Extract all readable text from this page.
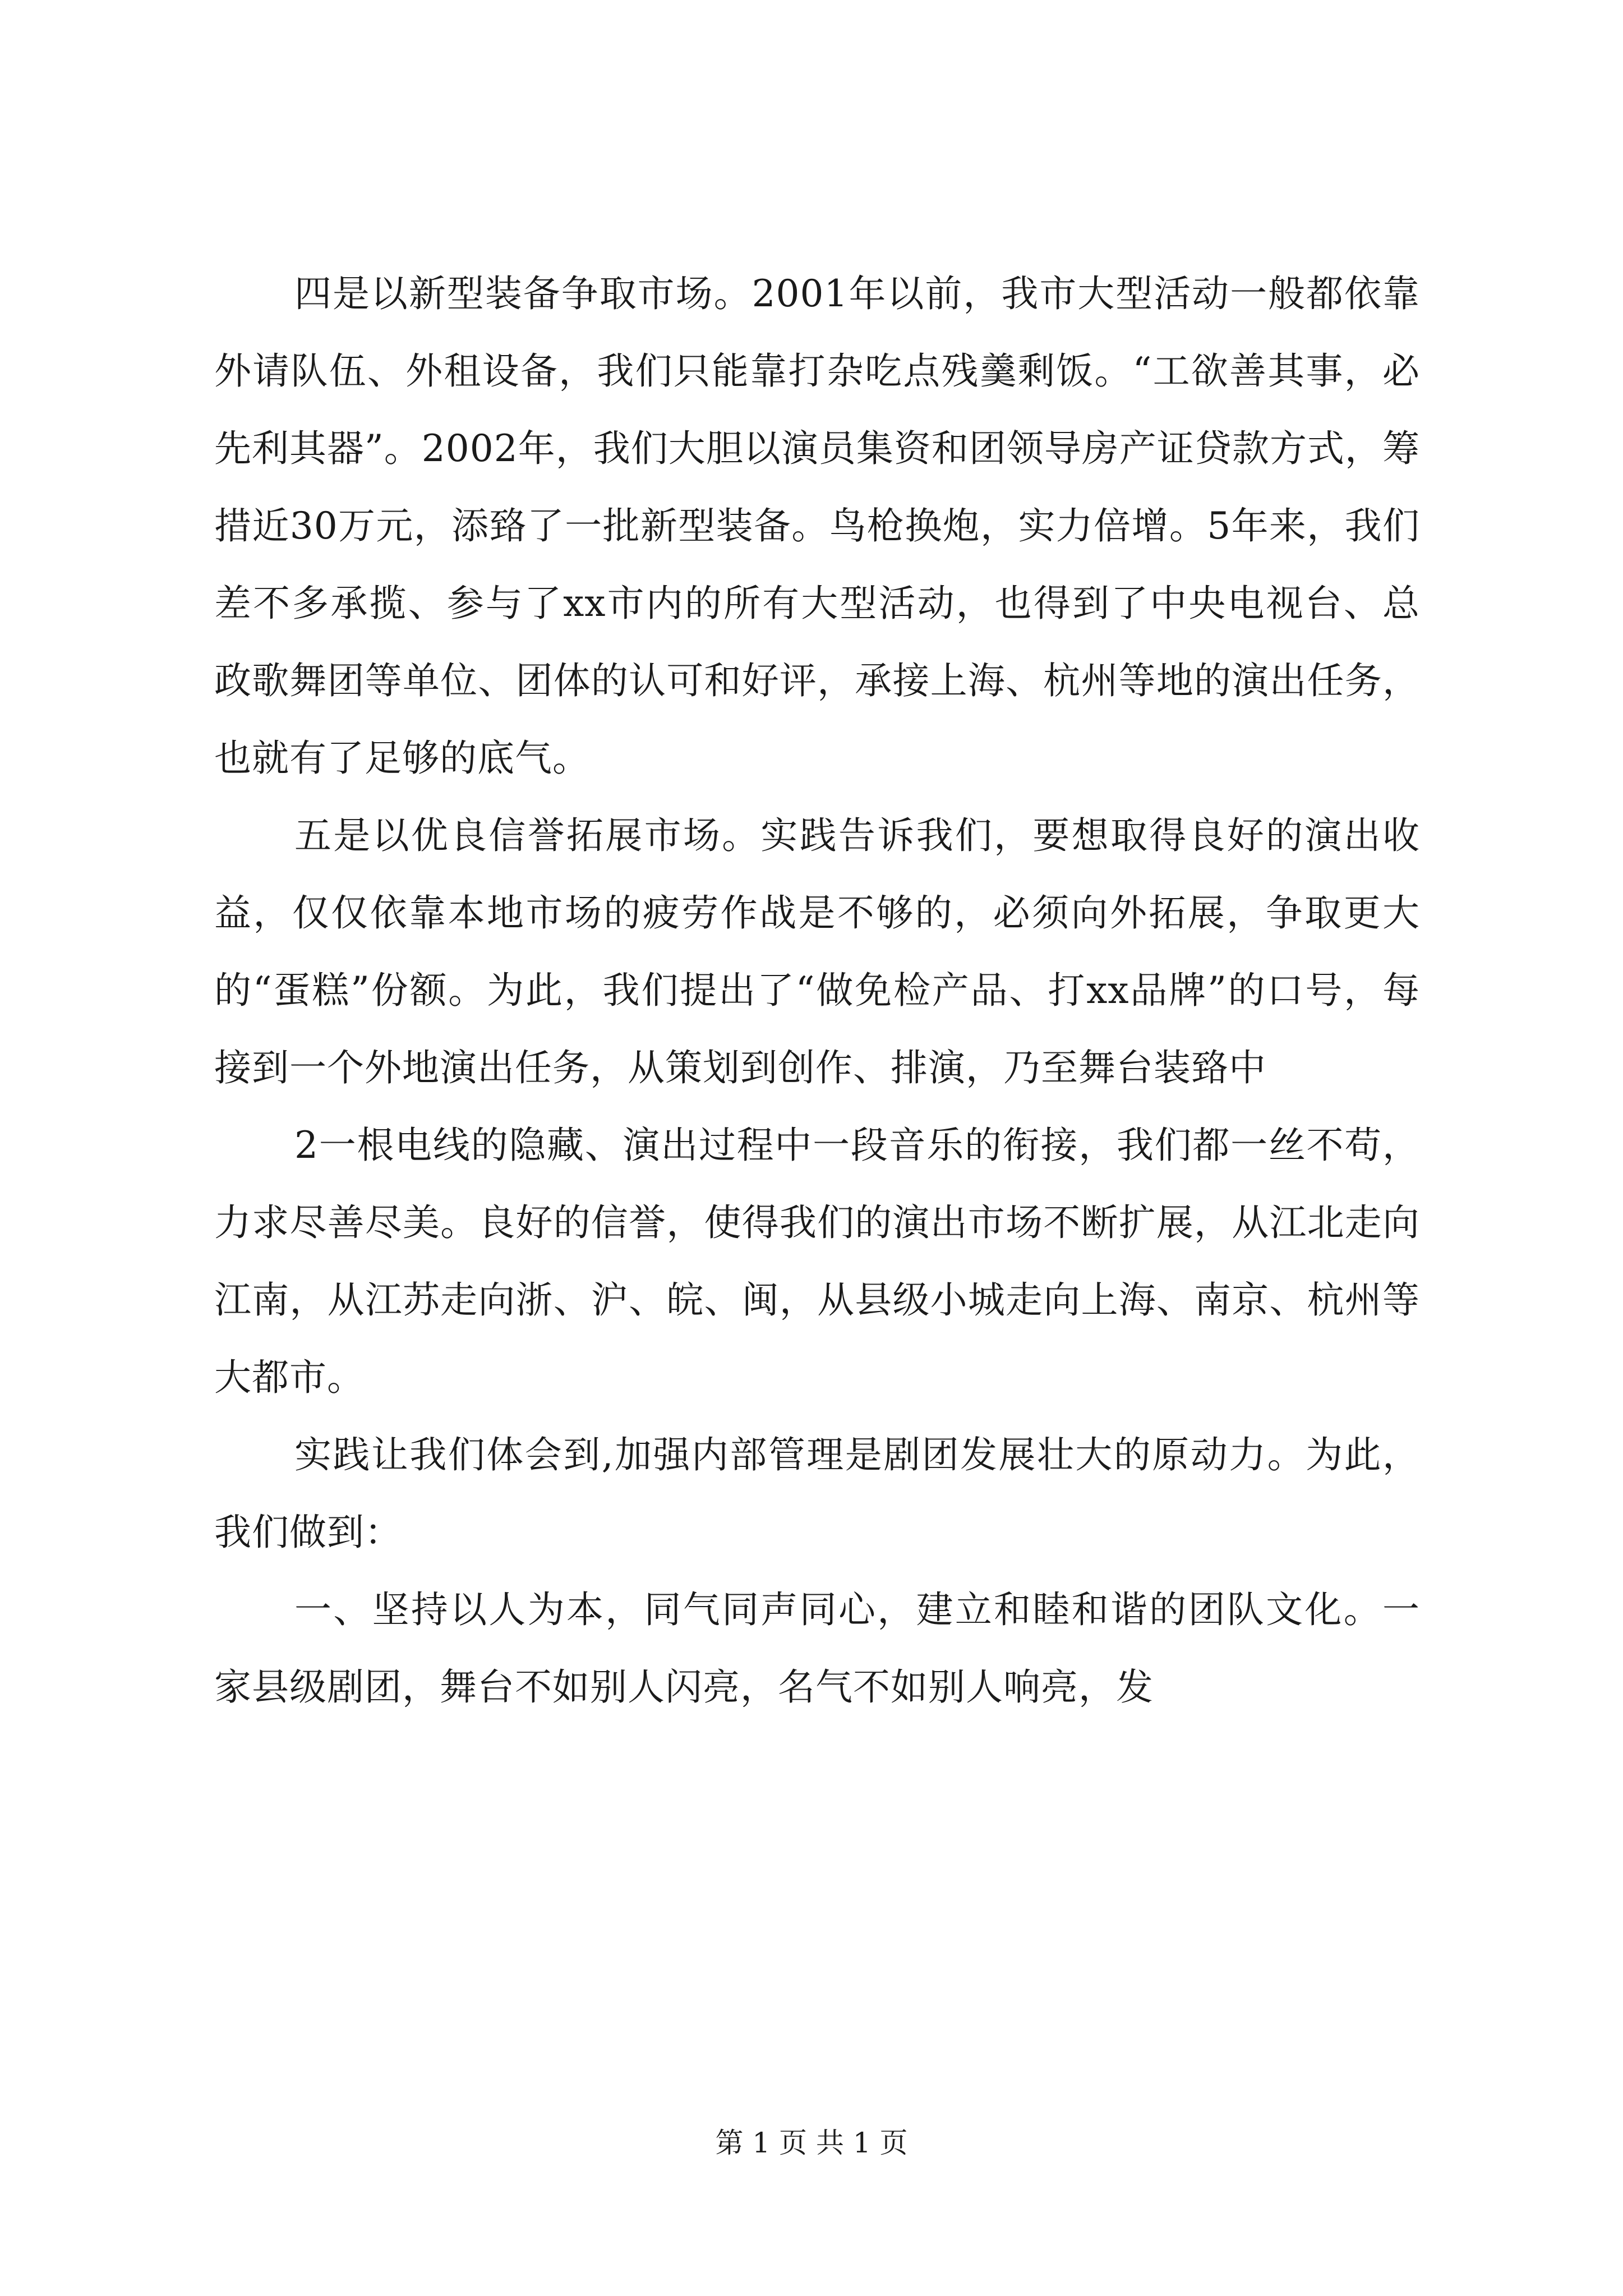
四是以新型装备争取市场。2001年以前，我市大型活动一般都依靠外请队伍、外租设备，我们只能靠打杂吃点残羹剩饭。“工欲善其事，必先利其器”。2002年，我们大胆以演员集资和团领导房产证贷款方式，筹措近30万元，添臵了一批新型装备。鸟枪换炮，实力倍增。5年来，我们差不多承揽、参与了xx市内的所有大型活动，也得到了中央电视台、总政歌舞团等单位、团体的认可和好评，承接上海、杭州等地的演出任务，也就有了足够的底气。

五是以优良信誉拓展市场。实践告诉我们，要想取得良好的演出收益，仅仅依靠本地市场的疲劳作战是不够的，必须向外拓展，争取更大的“蛋糕”份额。为此，我们提出了“做免检产品、打xx品牌”的口号，每接到一个外地演出任务，从策划到创作、排演，乃至舞台装臵中

2一根电线的隐藏、演出过程中一段音乐的衔接，我们都一丝不苟，力求尽善尽美。良好的信誉，使得我们的演出市场不断扩展，从江北走向江南，从江苏走向浙、沪、皖、闽，从县级小城走向上海、南京、杭州等大都市。

实践让我们体会到,加强内部管理是剧团发展壮大的原动力。为此，我们做到：

一、坚持以人为本，同气同声同心，建立和睦和谐的团队文化。一家县级剧团，舞台不如别人闪亮，名气不如别人响亮，发

第 1 页 共 1 页
